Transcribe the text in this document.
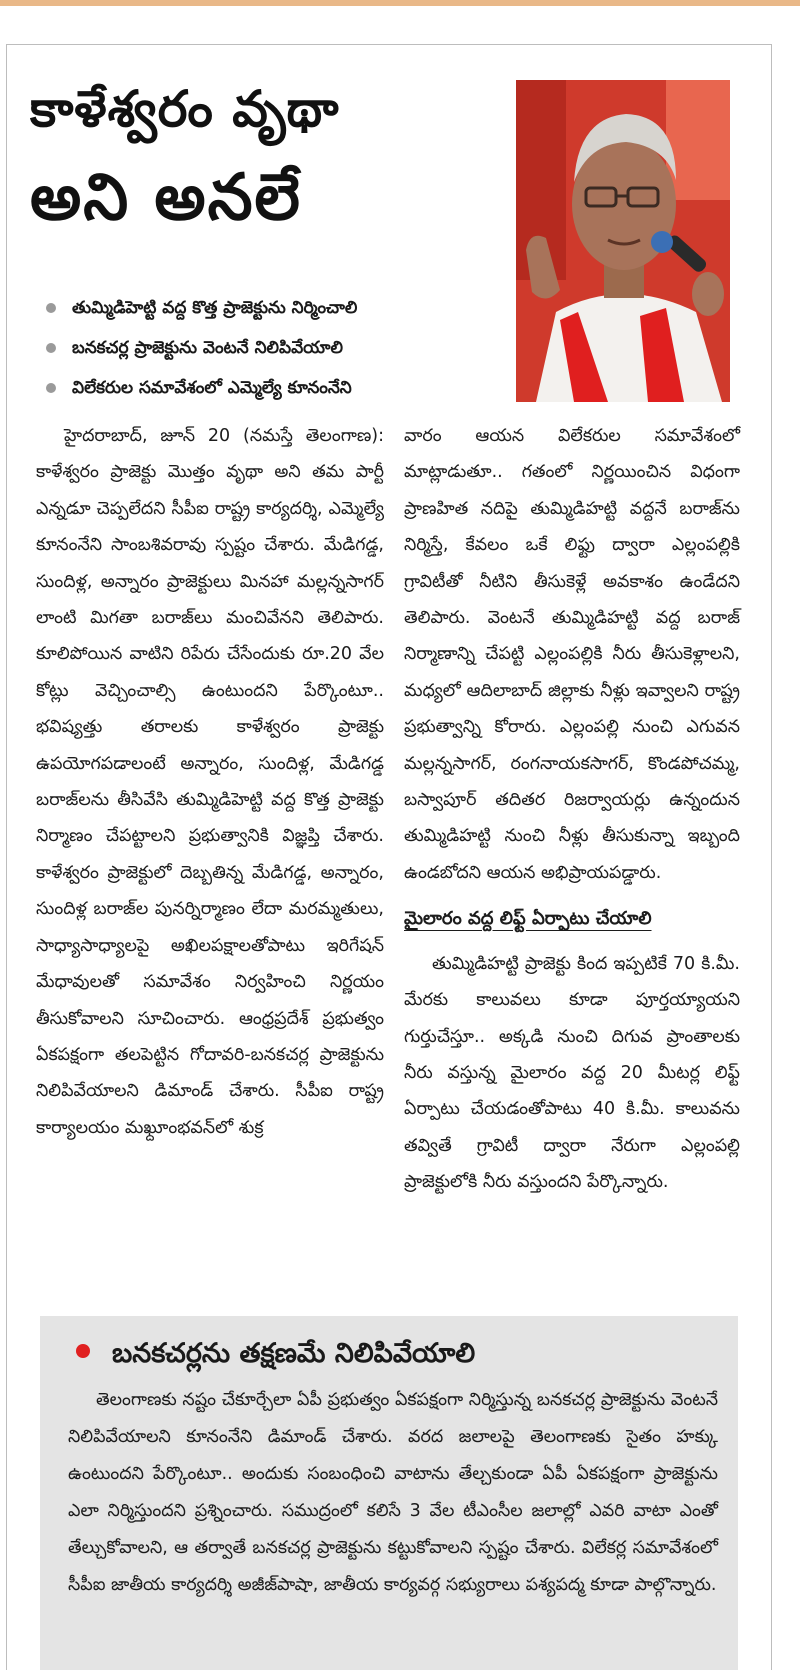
కాళేశ్వరం వృథా
అని అనలే
తుమ్మిడిహెట్టి వద్ద కొత్త ప్రాజెక్టును నిర్మించాలి
బనకచర్ల ప్రాజెక్టును వెంటనే నిలిపివేయాలి
విలేకరుల సమావేశంలో ఎమ్మెల్యే కూనంనేని

హైదరాబాద్, జూన్ 20 (నమస్తే తెలంగాణ): కాళేశ్వరం ప్రాజెక్టు మొత్తం వృథా అని తమ పార్టీ ఎన్నడూ చెప్పలేదని సీపీఐ రాష్ట్ర కార్యదర్శి, ఎమ్మెల్యే కూనంనేని సాంబశివరావు స్పష్టం చేశారు. మేడిగడ్డ, సుందిళ్ల, అన్నారం ప్రాజెక్టులు మినహా మల్లన్నసాగర్ లాంటి మిగతా బరాజ్‌లు మంచివేనని తెలిపారు. కూలిపోయిన వాటిని రిపేరు చేసేందుకు రూ.20 వేల కోట్లు వెచ్చించాల్సి ఉంటుందని పేర్కొంటూ.. భవిష్యత్తు తరాలకు కాళేశ్వరం ప్రాజెక్టు ఉపయోగపడాలంటే అన్నారం, సుందిళ్ల, మేడిగడ్డ బరాజ్‌లను తీసివేసి తుమ్మిడిహెట్టి వద్ద కొత్త ప్రాజెక్టు నిర్మాణం చేపట్టాలని ప్రభుత్వానికి విజ్ఞప్తి చేశారు. కాళేశ్వరం ప్రాజెక్టులో దెబ్బతిన్న మేడిగడ్డ, అన్నారం, సుందిళ్ల బరాజ్‌ల పునర్నిర్మాణం లేదా మరమ్మతులు, సాధ్యాసాధ్యాలపై అఖిలపక్షాలతోపాటు ఇరిగేషన్ మేధావులతో సమావేశం నిర్వహించి నిర్ణయం తీసుకోవాలని సూచించారు. ఆంధ్రప్రదేశ్ ప్రభుత్వం ఏకపక్షంగా తలపెట్టిన గోదావరి-బనకచర్ల ప్రాజెక్టును నిలిపివేయాలని డిమాండ్ చేశారు. సీపీఐ రాష్ట్ర కార్యాలయం మఖ్దూంభవన్‌లో శుక్ర

వారం ఆయన విలేకరుల సమావేశంలో మాట్లాడుతూ.. గతంలో నిర్ణయించిన విధంగా ప్రాణహిత నదిపై తుమ్మిడిహట్టి వద్దనే బరాజ్‌ను నిర్మిస్తే, కేవలం ఒకే లిఫ్టు ద్వారా ఎల్లంపల్లికి గ్రావిటీతో నీటిని తీసుకెళ్లే అవకాశం ఉండేదని తెలిపారు. వెంటనే తుమ్మిడిహట్టి వద్ద బరాజ్ నిర్మాణాన్ని చేపట్టి ఎల్లంపల్లికి నీరు తీసుకెళ్లాలని, మధ్యలో ఆదిలాబాద్ జిల్లాకు నీళ్లు ఇవ్వాలని రాష్ట్ర ప్రభుత్వాన్ని కోరారు. ఎల్లంపల్లి నుంచి ఎగువన మల్లన్నసాగర్, రంగనాయకసాగర్, కొండపోచమ్మ, బస్వాపూర్ తదితర రిజర్వాయర్లు ఉన్నందున తుమ్మిడిహట్టి నుంచి నీళ్లు తీసుకున్నా ఇబ్బంది ఉండబోదని ఆయన అభిప్రాయపడ్డారు.

మైలారం వద్ద లిఫ్ట్ ఏర్పాటు చేయాలి

తుమ్మిడిహట్టి ప్రాజెక్టు కింద ఇప్పటికే 70 కి.మీ. మేరకు కాలువలు కూడా పూర్తయ్యాయని గుర్తుచేస్తూ.. అక్కడి నుంచి దిగువ ప్రాంతాలకు నీరు వస్తున్న మైలారం వద్ద 20 మీటర్ల లిఫ్ట్ ఏర్పాటు చేయడంతోపాటు 40 కి.మీ. కాలువను తవ్వితే గ్రావిటీ ద్వారా నేరుగా ఎల్లంపల్లి ప్రాజెక్టులోకి నీరు వస్తుందని పేర్కొన్నారు.

బనకచర్లను తక్షణమే నిలిపివేయాలి

తెలంగాణకు నష్టం చేకూర్చేలా ఏపీ ప్రభుత్వం ఏకపక్షంగా నిర్మిస్తున్న బనకచర్ల ప్రాజెక్టును వెంటనే నిలిపివేయాలని కూనంనేని డిమాండ్ చేశారు. వరద జలాలపై తెలంగాణకు సైతం హక్కు ఉంటుందని పేర్కొంటూ.. అందుకు సంబంధించి వాటాను తేల్చకుండా ఏపీ ఏకపక్షంగా ప్రాజెక్టును ఎలా నిర్మిస్తుందని ప్రశ్నించారు. సముద్రంలో కలిసే 3 వేల టీఎంసీల జలాల్లో ఎవరి వాటా ఎంతో తేల్చుకోవాలని, ఆ తర్వాతే బనకచర్ల ప్రాజెక్టును కట్టుకోవాలని స్పష్టం చేశారు. విలేకర్ల సమావేశంలో సీపీఐ జాతీయ కార్యదర్శి అజీజ్‌పాషా, జాతీయ కార్యవర్గ సభ్యురాలు పశ్యపద్మ కూడా పాల్గొన్నారు.
